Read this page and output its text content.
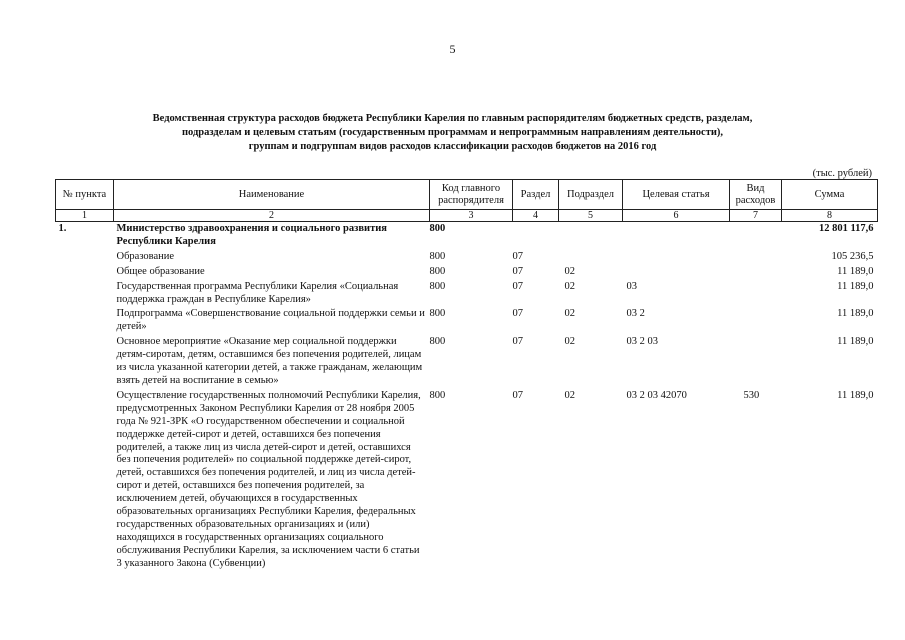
5
Ведомственная структура расходов бюджета Республики Карелия по главным распорядителям бюджетных средств, разделам,
подразделам и целевым статьям (государственным программам и непрограммным направлениям деятельности),
группам и подгруппам видов расходов классификации расходов бюджетов на 2016 год
(тыс. рублей)
№ пункта	Наименование	Код главного распорядителя	Раздел	Подраздел	Целевая статья	Вид расходов	Сумма
1	2	3	4	5	6	7	8
1.	Министерство здравоохранения и социального развития Республики Карелия	800					12 801 117,6
	Образование	800	07				105 236,5
	Общее образование	800	07	02			11 189,0
	Государственная программа Республики Карелия «Социальная поддержка граждан в Республике Карелия»	800	07	02	03		11 189,0
	Подпрограмма «Совершенствование социальной поддержки семьи и детей»	800	07	02	03 2		11 189,0
	Основное мероприятие «Оказание мер социальной поддержки детям-сиротам, детям, оставшимся без попечения родителей, лицам из числа указанной категории детей, а также гражданам, желающим взять детей на воспитание в семью»	800	07	02	03 2 03		11 189,0
	Осуществление государственных полномочий Республики Карелия, предусмотренных Законом Республики Карелия от 28 ноября 2005 года № 921-ЗРК «О государственном обеспечении и социальной поддержке детей-сирот и детей, оставшихся без попечения родителей, а также лиц из числа детей-сирот и детей, оставшихся без попечения родителей» по социальной поддержке детей-сирот, детей, оставшихся без попечения родителей, и лиц из числа детей-сирот и детей, оставшихся без попечения родителей, за исключением детей, обучающихся в государственных образовательных организациях Республики Карелия, федеральных государственных образовательных организациях и (или) находящихся в государственных организациях социального обслуживания Республики Карелия, за исключением части 6 статьи 3 указанного Закона (Субвенции)	800	07	02	03 2 03 42070	530	11 189,0
